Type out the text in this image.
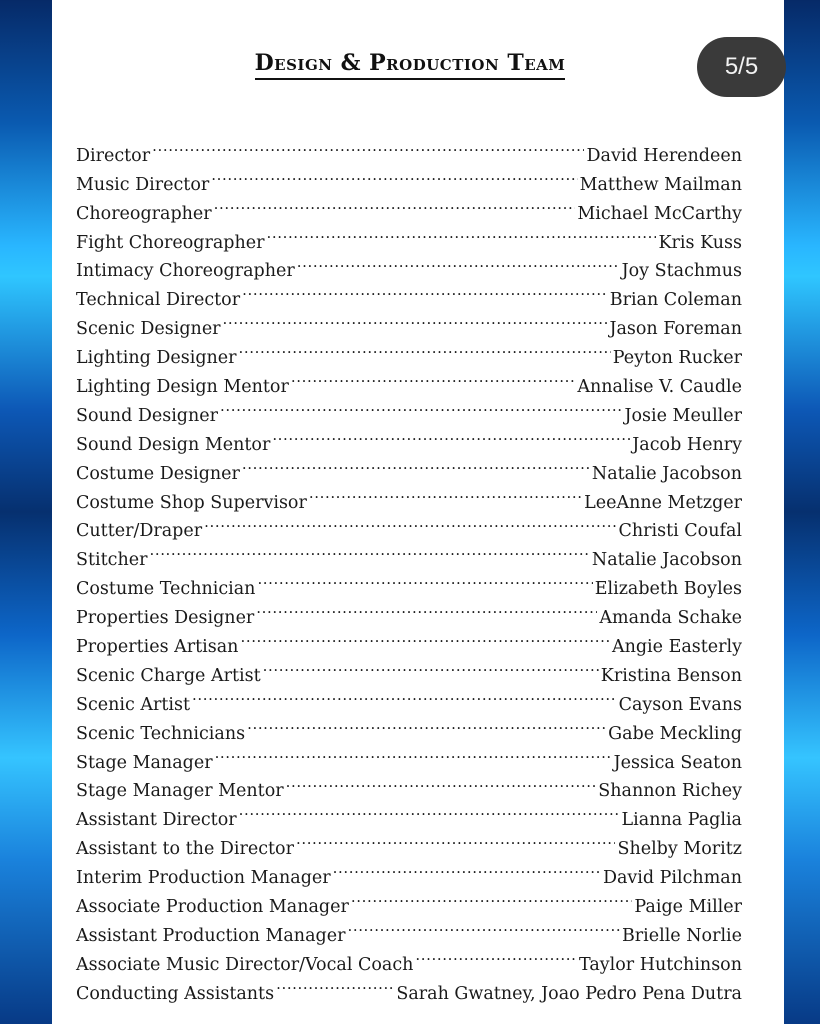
Design & Production Team	5/5
Director .....	David Herendeen
Music Director .....	Matthew Mailman
Choreographer .....	Michael McCarthy
Fight Choreographer .....	Kris Kuss
Intimacy Choreographer .....	Joy Stachmus
Technical Director .....	Brian Coleman
Scenic Designer .....	Jason Foreman
Lighting Designer .....	Peyton Rucker
Lighting Design Mentor .....	Annalise V. Caudle
Sound Designer .....	Josie Meuller
Sound Design Mentor .....	Jacob Henry
Costume Designer .....	Natalie Jacobson
Costume Shop Supervisor .....	LeeAnne Metzger
Cutter/Draper .....	Christi Coufal
Stitcher .....	Natalie Jacobson
Costume Technician .....	Elizabeth Boyles
Properties Designer .....	Amanda Schake
Properties Artisan .....	Angie Easterly
Scenic Charge Artist .....	Kristina Benson
Scenic Artist .....	Cayson Evans
Scenic Technicians .....	Gabe Meckling
Stage Manager .....	Jessica Seaton
Stage Manager Mentor .....	Shannon Richey
Assistant Director .....	Lianna Paglia
Assistant to the Director .....	Shelby Moritz
Interim Production Manager .....	David Pilchman
Associate Production Manager .....	Paige Miller
Assistant Production Manager .....	Brielle Norlie
Associate Music Director/Vocal Coach .....	Taylor Hutchinson
Conducting Assistants .....	Sarah Gwatney, Joao Pedro Pena Dutra
